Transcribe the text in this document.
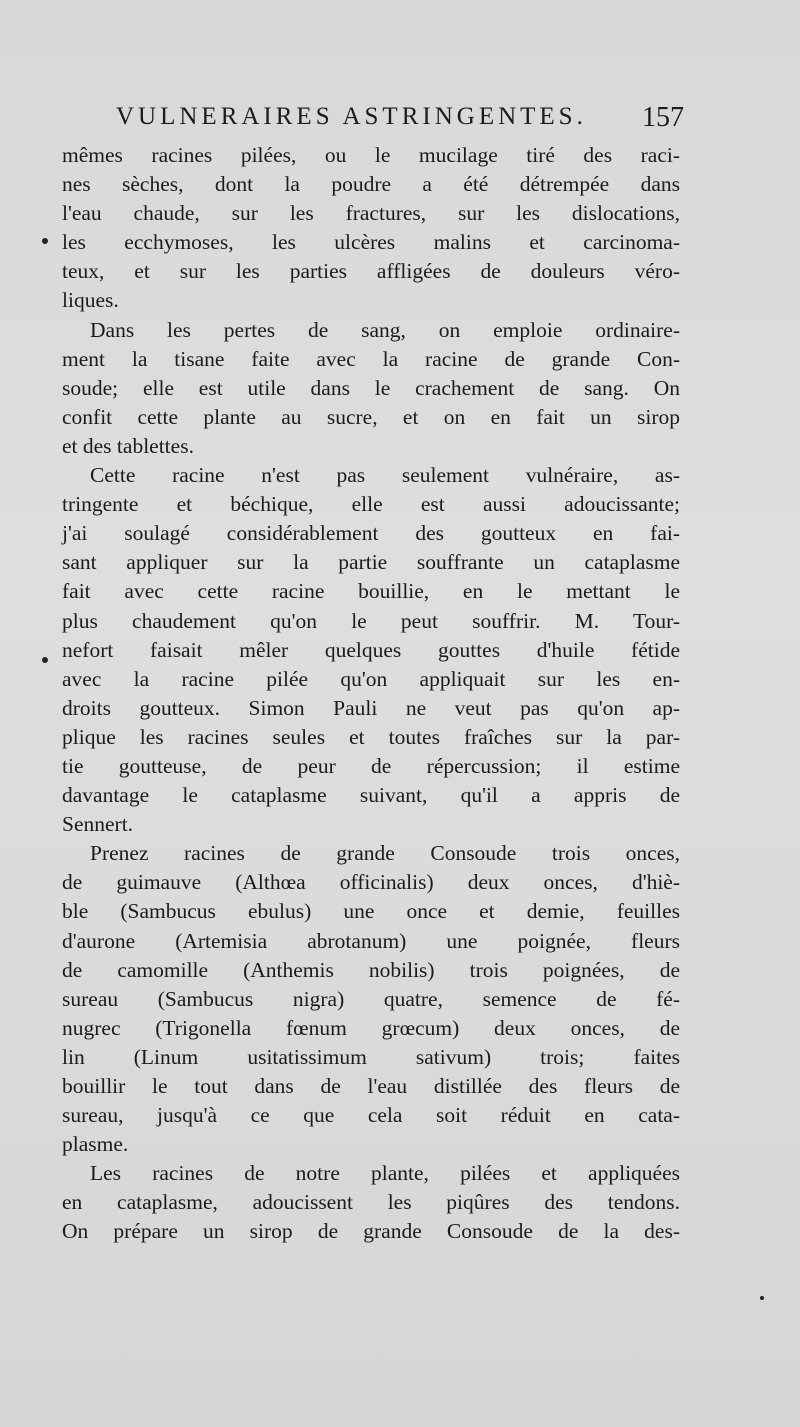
VULNERAIRES ASTRINGENTES. 157
mêmes racines pilées, ou le mucilage tiré des raci-
nes sèches, dont la poudre a été détrempée dans
l'eau chaude, sur les fractures, sur les dislocations,
les ecchymoses, les ulcères malins et carcinoma-
teux, et sur les parties affligées de douleurs véro-
liques.
Dans les pertes de sang, on emploie ordinaire-
ment la tisane faite avec la racine de grande Con-
soude; elle est utile dans le crachement de sang. On
confit cette plante au sucre, et on en fait un sirop
et des tablettes.
Cette racine n'est pas seulement vulnéraire, as-
tringente et béchique, elle est aussi adoucissante;
j'ai soulagé considérablement des goutteux en fai-
sant appliquer sur la partie souffrante un cataplasme
fait avec cette racine bouillie, en le mettant le
plus chaudement qu'on le peut souffrir. M. Tour-
nefort faisait mêler quelques gouttes d'huile fétide
avec la racine pilée qu'on appliquait sur les en-
droits goutteux. Simon Pauli ne veut pas qu'on ap-
plique les racines seules et toutes fraîches sur la par-
tie goutteuse, de peur de répercussion; il estime
davantage le cataplasme suivant, qu'il a appris de
Sennert.
Prenez racines de grande Consoude trois onces,
de guimauve (Althœa officinalis) deux onces, d'hiè-
ble (Sambucus ebulus) une once et demie, feuilles
d'aurone (Artemisia abrotanum) une poignée, fleurs
de camomille (Anthemis nobilis) trois poignées, de
sureau (Sambucus nigra) quatre, semence de fé-
nugrec (Trigonella fœnum grœcum) deux onces, de
lin (Linum usitatissimum sativum) trois; faites
bouillir le tout dans de l'eau distillée des fleurs de
sureau, jusqu'à ce que cela soit réduit en cata-
plasme.
Les racines de notre plante, pilées et appliquées
en cataplasme, adoucissent les piqûres des tendons.
On prépare un sirop de grande Consoude de la des-
